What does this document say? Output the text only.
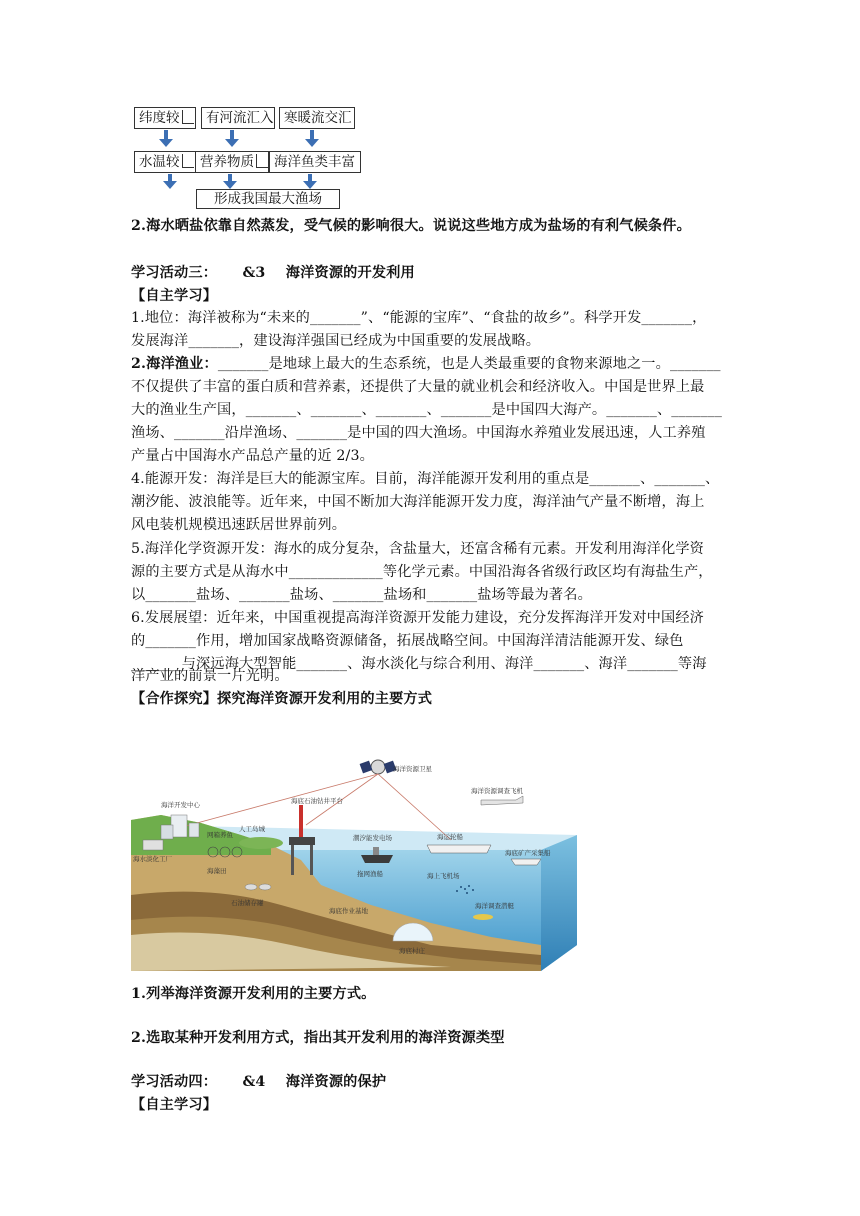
纬度较	有河流汇入 寒暖流交汇
水温较	营养物质	海洋鱼类丰富
形成我国最大渔场
2.海水晒盐依靠自然蒸发，受气候的影响很大。说说这些地方成为盐场的有利气候条件。
学习活动三：     &3    海洋资源的开发利用
【自主学习】
1.地位：海洋被称为“未来的_______”、“能源的宝库”、“食盐的故乡”。科学开发_______，
发展海洋_______，建设海洋强国已经成为中国重要的发展战略。
2.海洋渔业：_______是地球上最大的生态系统，也是人类最重要的食物来源地之一。_______
不仅提供了丰富的蛋白质和营养素，还提供了大量的就业机会和经济收入。中国是世界上最
大的渔业生产国，_______、_______、_______、_______是中国四大海产。_______、_______
渔场、_______沿岸渔场、_______是中国的四大渔场。中国海水养殖业发展迅速，人工养殖
产量占中国海水产品总产量的近 2/3。
4.能源开发：海洋是巨大的能源宝库。目前，海洋能源开发利用的重点是_______、_______、
潮汐能、波浪能等。近年来，中国不断加大海洋能源开发力度，海洋油气产量不断增，海上
风电装机规模迅速跃居世界前列。
5.海洋化学资源开发：海水的成分复杂，含盐量大，还富含稀有元素。开发利用海洋化学资
源的主要方式是从海水中_____________等化学元素。中国沿海各省级行政区均有海盐生产，
以_______盐场、_______盐场、_______盐场和_______盐场等最为著名。
6.发展展望：近年来，中国重视提高海洋资源开发能力建设，充分发挥海洋开发对中国经济
的_______作用，增加国家战略资源储备，拓展战略空间。中国海洋清洁能源开发、绿色
_______与深远海大型智能_______、海水淡化与综合利用、海洋_______、海洋_______等海
洋产业的前景一片光明。
【合作探究】探究海洋资源开发利用的主要方式
海洋资源卫星
海洋资源调查飞机
海洋开发中心
海水淡化工厂
人工岛城
网箱养鱼
海藻田
海底石油钻井平台
石油储存罐
潮汐能发电场
拖网渔船
海运轮船
海上飞机场
海底矿产采集船
海洋调查潜艇
海底作业基地
海底村庄
1.列举海洋资源开发利用的主要方式。
2.选取某种开发利用方式，指出其开发利用的海洋资源类型
学习活动四：     &4    海洋资源的保护
【自主学习】
